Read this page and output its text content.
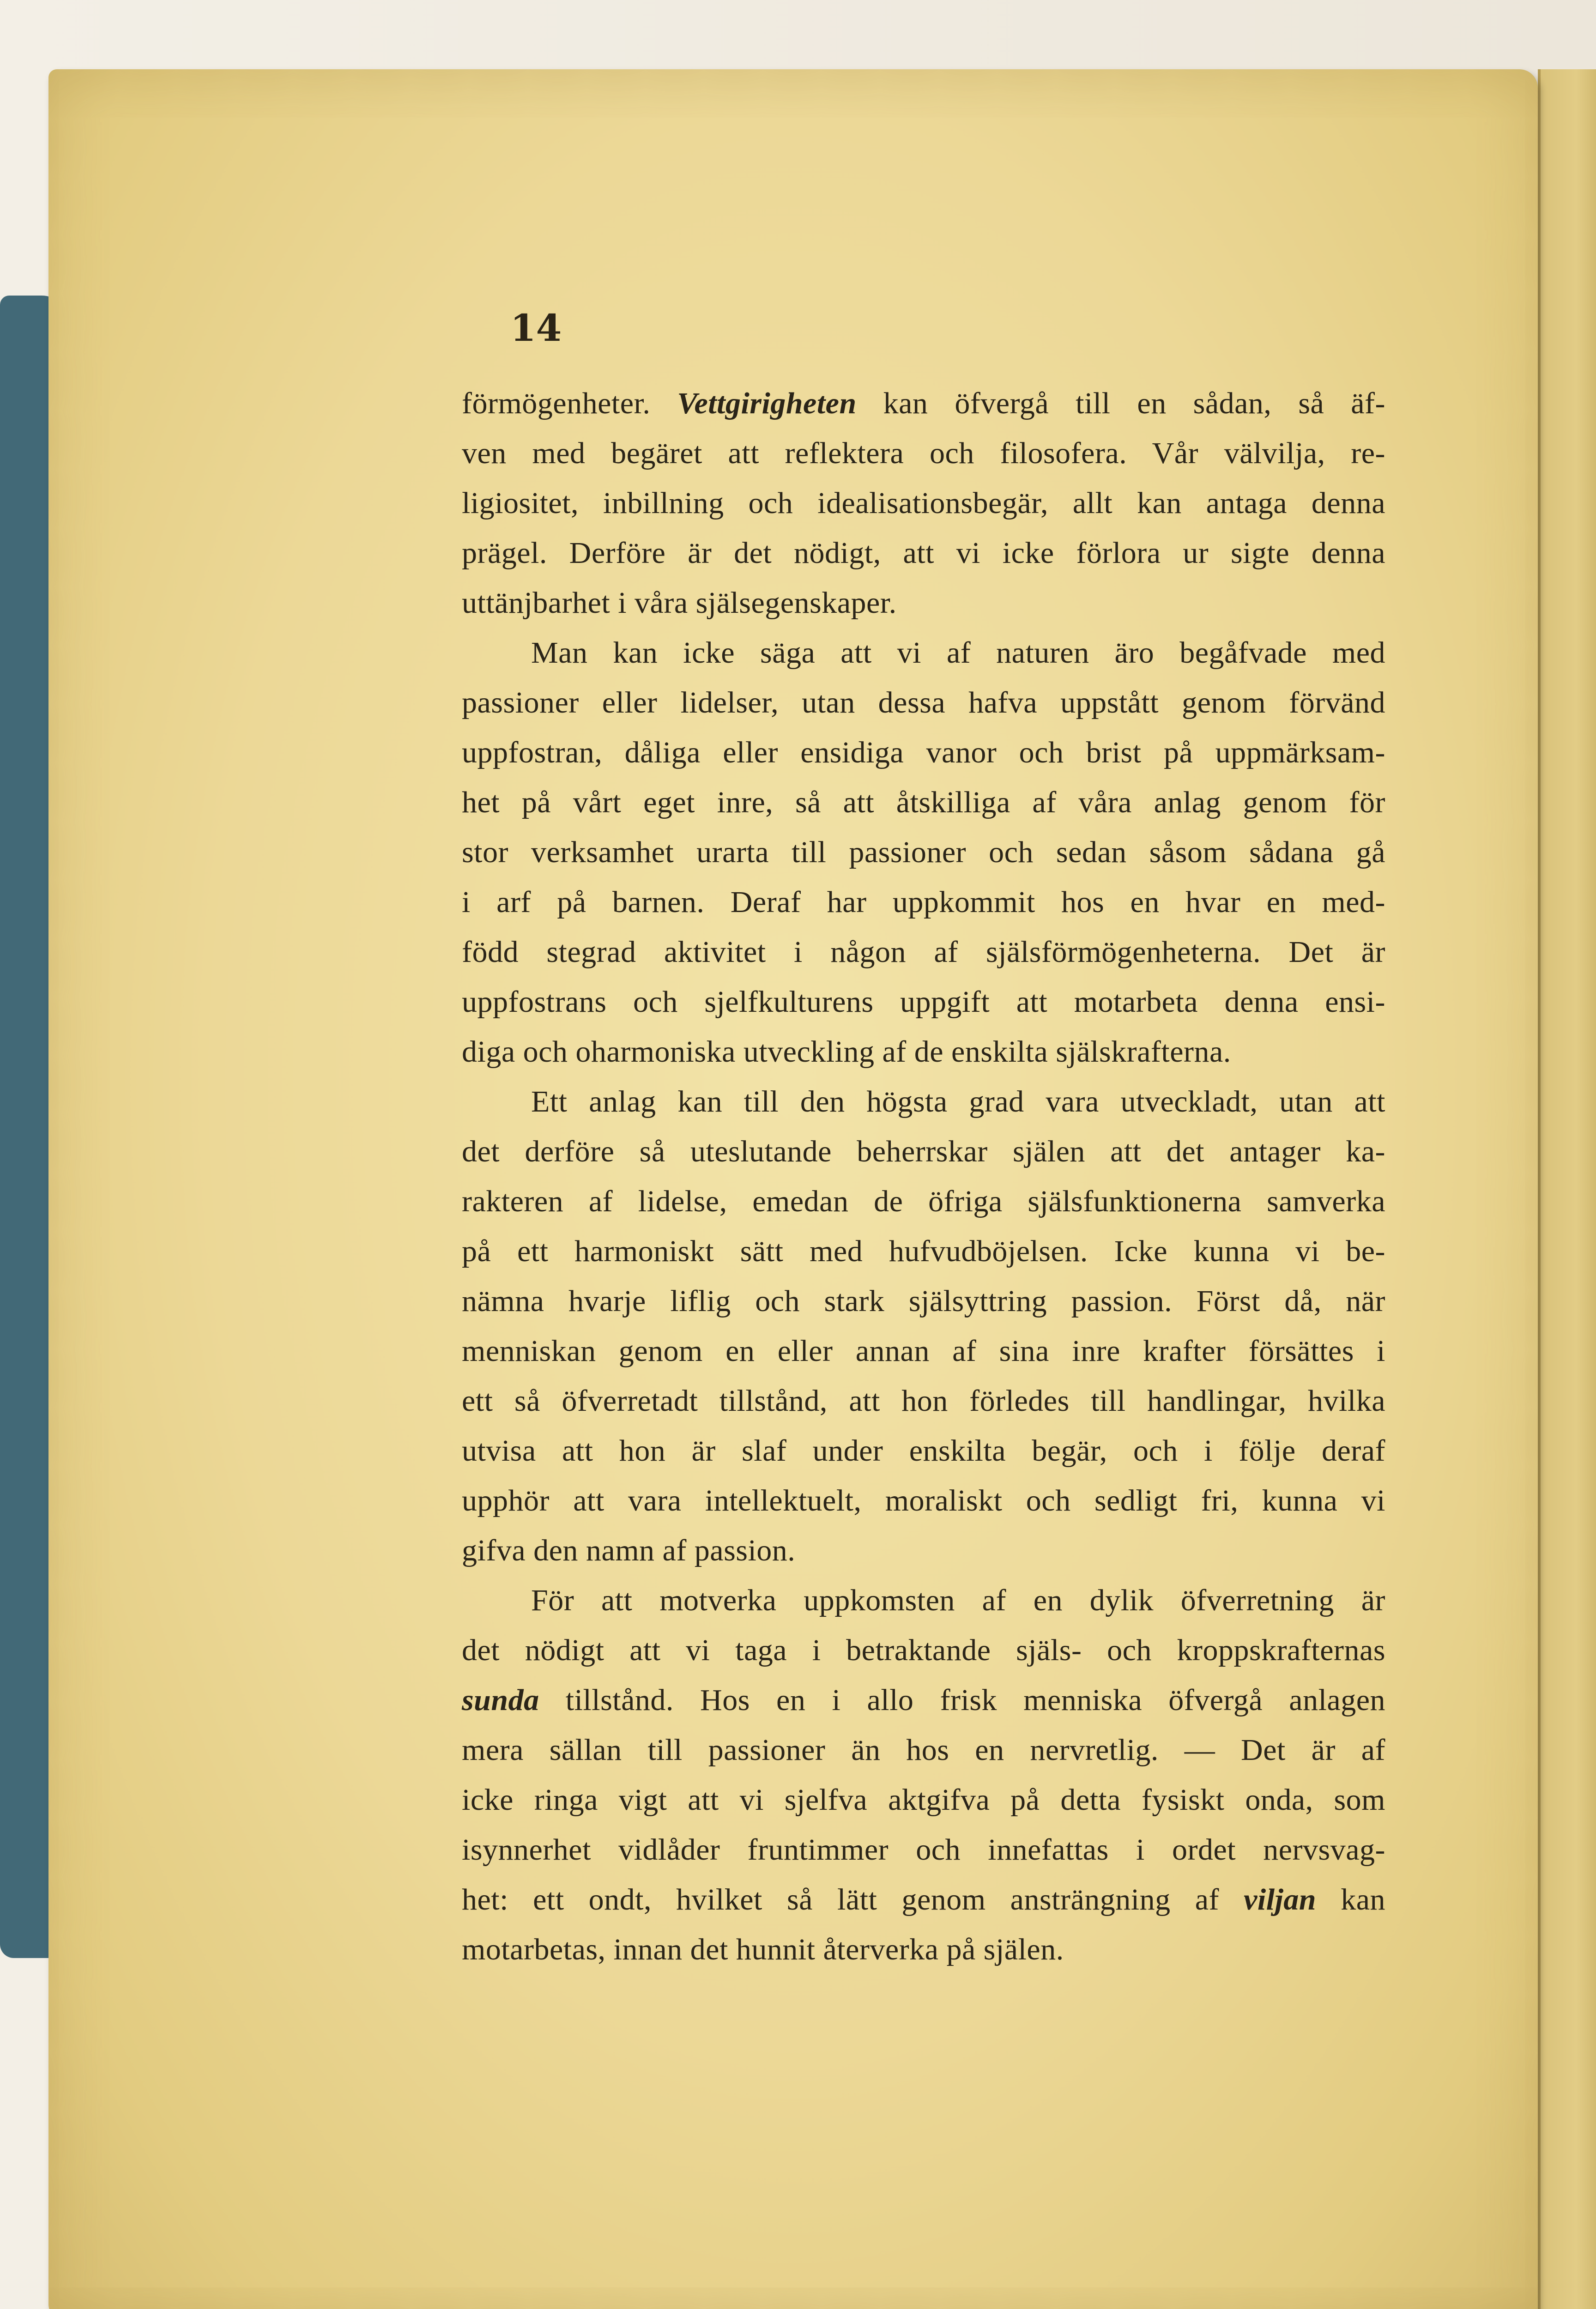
14
förmögenheter. Vettgirigheten kan öfvergå till en sådan, så äf-
ven med begäret att reflektera och filosofera. Vår välvilja, re-
ligiositet, inbillning och idealisationsbegär, allt kan antaga denna
prägel. Derföre är det nödigt, att vi icke förlora ur sigte denna
uttänjbarhet i våra själsegenskaper.
Man kan icke säga att vi af naturen äro begåfvade med
passioner eller lidelser, utan dessa hafva uppstått genom förvänd
uppfostran, dåliga eller ensidiga vanor och brist på uppmärksam-
het på vårt eget inre, så att åtskilliga af våra anlag genom för
stor verksamhet urarta till passioner och sedan såsom sådana gå
i arf på barnen. Deraf har uppkommit hos en hvar en med-
född stegrad aktivitet i någon af själsförmögenheterna. Det är
uppfostrans och sjelfkulturens uppgift att motarbeta denna ensi-
diga och oharmoniska utveckling af de enskilta själskrafterna.
Ett anlag kan till den högsta grad vara utveckladt, utan att
det derföre så uteslutande beherrskar själen att det antager ka-
rakteren af lidelse, emedan de öfriga själsfunktionerna samverka
på ett harmoniskt sätt med hufvudböjelsen. Icke kunna vi be-
nämna hvarje liflig och stark själsyttring passion. Först då, när
menniskan genom en eller annan af sina inre krafter försättes i
ett så öfverretadt tillstånd, att hon förledes till handlingar, hvilka
utvisa att hon är slaf under enskilta begär, och i följe deraf
upphör att vara intellektuelt, moraliskt och sedligt fri, kunna vi
gifva den namn af passion.
För att motverka uppkomsten af en dylik öfverretning är
det nödigt att vi taga i betraktande själs- och kroppskrafternas
sunda tillstånd. Hos en i allo frisk menniska öfvergå anlagen
mera sällan till passioner än hos en nervretlig. — Det är af
icke ringa vigt att vi sjelfva aktgifva på detta fysiskt onda, som
isynnerhet vidlåder fruntimmer och innefattas i ordet nervsvag-
het: ett ondt, hvilket så lätt genom ansträngning af viljan kan
motarbetas, innan det hunnit återverka på själen.
